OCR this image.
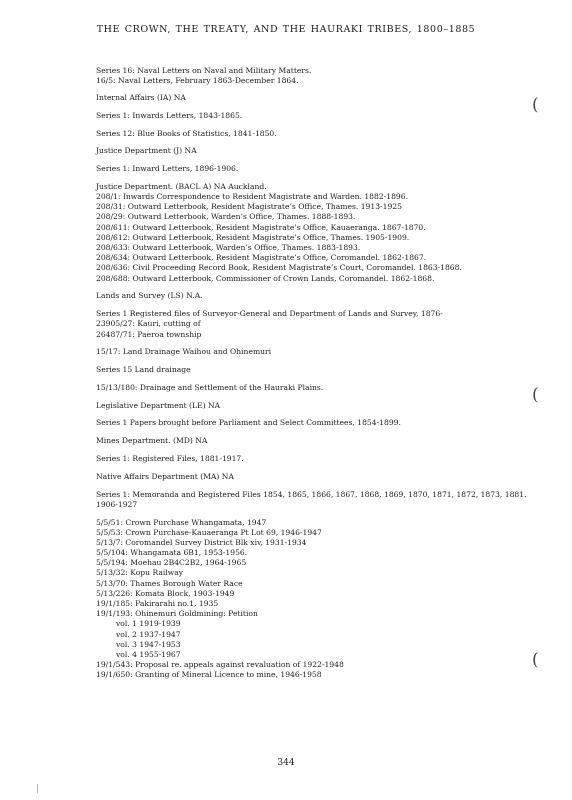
THE CROWN, THE TREATY, AND THE HAURAKI TRIBES, 1800–1885
Series 16: Naval Letters on Naval and Military Matters.
16/5: Naval Letters, February 1863-December 1864.
Internal Affairs (IA) NA
Series 1: Inwards Letters, 1843-1865.
Series 12: Blue Books of Statistics, 1841-1850.
Justice Department (J) NA
Series 1: Inward Letters, 1896-1906.
Justice Department. (BACL A) NA Auckland.
208/1: Inwards Correspondence to Resident Magistrate and Warden. 1882-1896.
208/31: Outward Letterbook, Resident Magistrate’s Office, Thames. 1913-1925
208/29: Outward Letterbook, Warden’s Office, Thames. 1888-1893.
208/611: Outward Letterbook, Resident Magistrate’s Office, Kauaeranga. 1867-1870.
208/612: Outward Letterbook, Resident Magistrate’s Office, Thames. 1905-1909.
208/633: Outward Letterbook, Warden’s Office, Thames. 1883-1893.
208/634: Outward Letterbook, Resident Magistrate’s Office, Coromandel. 1862-1867.
208/636: Civil Proceeding Record Book, Resident Magistrate’s Court, Coromandel. 1863-1868.
208/688: Outward Letterbook, Commissioner of Crown Lands, Coromandel. 1862-1868.
Lands and Survey (LS) N.A.
Series 1 Registered files of Surveyor-General and Department of Lands and Survey, 1876-
23905/27: Kauri, cutting of
26487/71: Paeroa township
15/17: Land Drainage Waihou and Ohinemuri
Series 15 Land drainage
15/13/180: Drainage and Settlement of the Hauraki Plains.
Legislative Department (LE) NA
Series 1 Papers brought before Parliament and Select Committees, 1854-1899.
Mines Department. (MD) NA
Series 1: Registered Files, 1881-1917.
Native Affairs Department (MA) NA
Series 1: Memoranda and Registered Files 1854, 1865, 1866, 1867, 1868, 1869, 1870, 1871, 1872, 1873, 1881.
1906-1927
5/5/51: Crown Purchase Whangamata, 1947
5/5/53: Crown Purchase-Kauaeranga Pt Lot 69, 1946-1947
5/13/7: Coromandel Survey District Blk xiv, 1931-1934
5/5/104: Whangamata 6B1, 1953-1956.
5/5/194: Moehau 2B4C2B2, 1964-1965
5/13/32: Kopu Railway
5/13/70: Thames Borough Water Race
5/13/226: Komata Block, 1903-1949
19/1/185: Pakirarahi no.1, 1935
19/1/193: Ohinemuri Goldmining: Petition
vol. 1 1919-1939
vol. 2 1937-1947
vol. 3 1947-1953
vol. 4 1955-1967
19/1/543: Proposal re. appeals against revaluation of 1922-1948
19/1/650: Granting of Mineral Licence to mine, 1946-1958
(
(
(
344
